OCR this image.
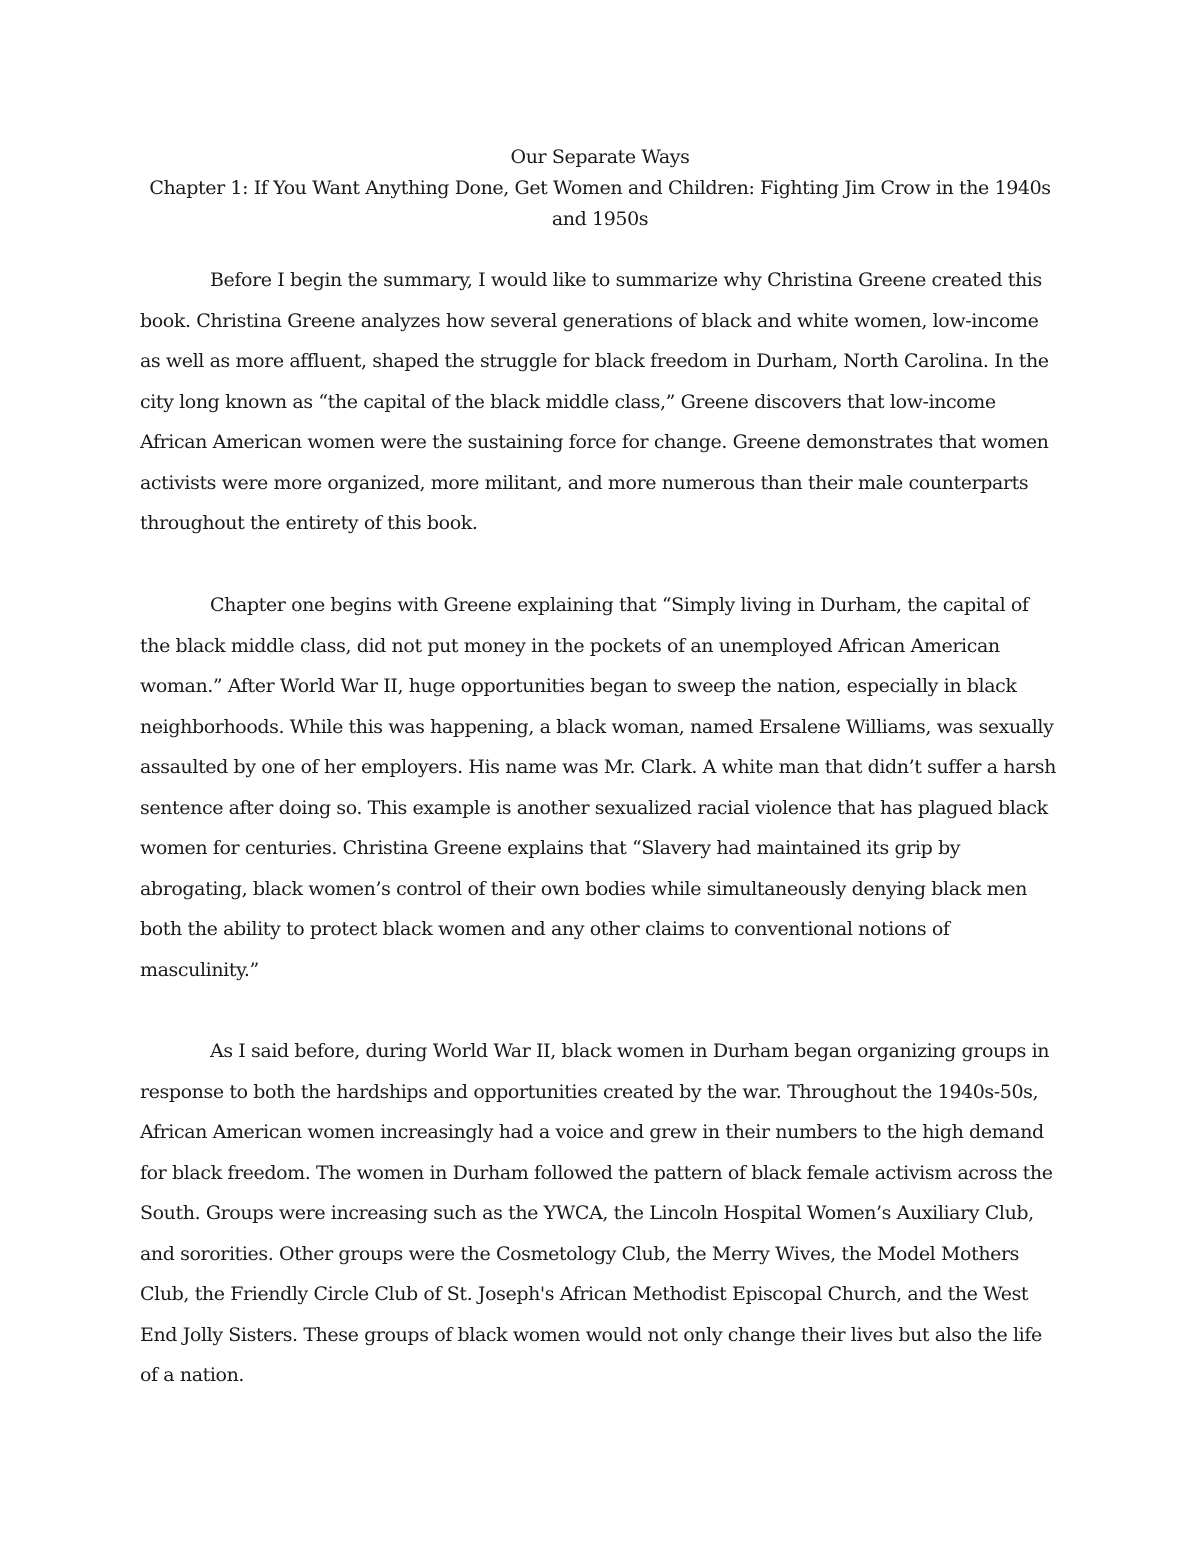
Our Separate Ways

Chapter 1: If You Want Anything Done, Get Women and Children: Fighting Jim Crow in the 1940s and 1950s

Before I begin the summary, I would like to summarize why Christina Greene created this book. Christina Greene analyzes how several generations of black and white women, low-income as well as more affluent, shaped the struggle for black freedom in Durham, North Carolina. In the city long known as “the capital of the black middle class,” Greene discovers that low-income African American women were the sustaining force for change. Greene demonstrates that women activists were more organized, more militant, and more numerous than their male counterparts throughout the entirety of this book.

Chapter one begins with Greene explaining that “Simply living in Durham, the capital of the black middle class, did not put money in the pockets of an unemployed African American woman.” After World War II, huge opportunities began to sweep the nation, especially in black neighborhoods. While this was happening, a black woman, named Ersalene Williams, was sexually assaulted by one of her employers. His name was Mr. Clark. A white man that didn’t suffer a harsh sentence after doing so. This example is another sexualized racial violence that has plagued black women for centuries. Christina Greene explains that “Slavery had maintained its grip by abrogating, black women’s control of their own bodies while simultaneously denying black men both the ability to protect black women and any other claims to conventional notions of masculinity.”

As I said before, during World War II, black women in Durham began organizing groups in response to both the hardships and opportunities created by the war. Throughout the 1940s-50s, African American women increasingly had a voice and grew in their numbers to the high demand for black freedom. The women in Durham followed the pattern of black female activism across the South. Groups were increasing such as the YWCA, the Lincoln Hospital Women’s Auxiliary Club, and sororities. Other groups were the Cosmetology Club, the Merry Wives, the Model Mothers Club, the Friendly Circle Club of St. Joseph's African Methodist Episcopal Church, and the West End Jolly Sisters. These groups of black women would not only change their lives but also the life of a nation.
